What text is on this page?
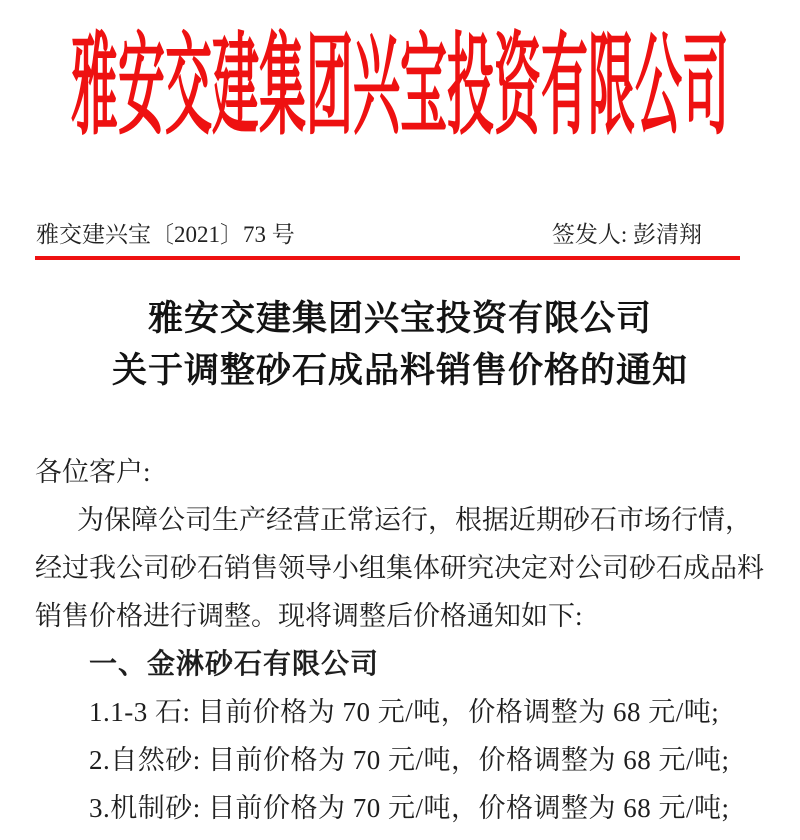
雅安交建集团兴宝投资有限公司
雅交建兴宝〔2021〕73 号	签发人: 彭清翔
雅安交建集团兴宝投资有限公司
关于调整砂石成品料销售价格的通知
各位客户:
为保障公司生产经营正常运行，根据近期砂石市场行情，
经过我公司砂石销售领导小组集体研究决定对公司砂石成品料
销售价格进行调整。现将调整后价格通知如下:
一、金淋砂石有限公司
1.1-3 石: 目前价格为 70 元/吨，价格调整为 68 元/吨;
2.自然砂: 目前价格为 70 元/吨，价格调整为 68 元/吨;
3.机制砂: 目前价格为 70 元/吨，价格调整为 68 元/吨;
